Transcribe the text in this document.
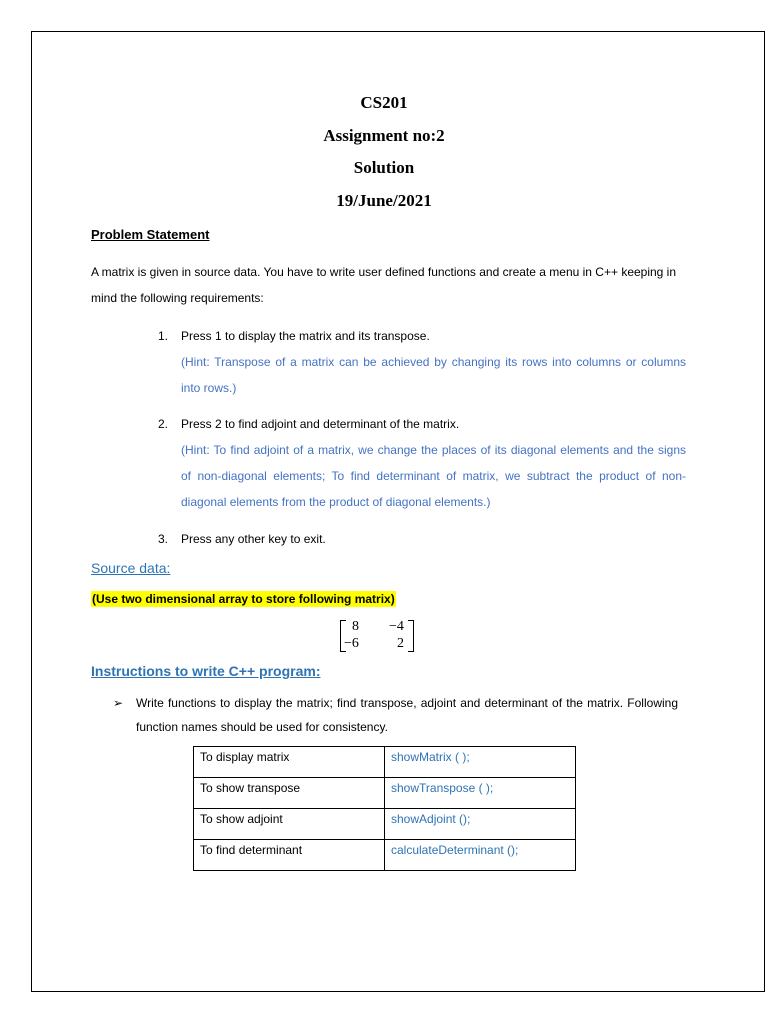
CS201
Assignment no:2
Solution
19/June/2021
Problem Statement
A matrix is given in source data. You have to write user defined functions and create a menu in C++ keeping in mind the following requirements:
1. Press 1 to display the matrix and its transpose.
(Hint: Transpose of a matrix can be achieved by changing its rows into columns or columns into rows.)
2. Press 2 to find adjoint and determinant of the matrix.
(Hint: To find adjoint of a matrix, we change the places of its diagonal elements and the signs of non-diagonal elements; To find determinant of matrix, we subtract the product of non-diagonal elements from the product of diagonal elements.)
3. Press any other key to exit.
Source data:
(Use two dimensional array to store following matrix)
8 −4
−6	2
Instructions to write C++ program:
➢ Write functions to display the matrix; find transpose, adjoint and determinant of the matrix. Following function names should be used for consistency.
To display matrix	showMatrix ( );
To show transpose	showTranspose ( );
To show adjoint	showAdjoint ();
To find determinant	calculateDeterminant ();
